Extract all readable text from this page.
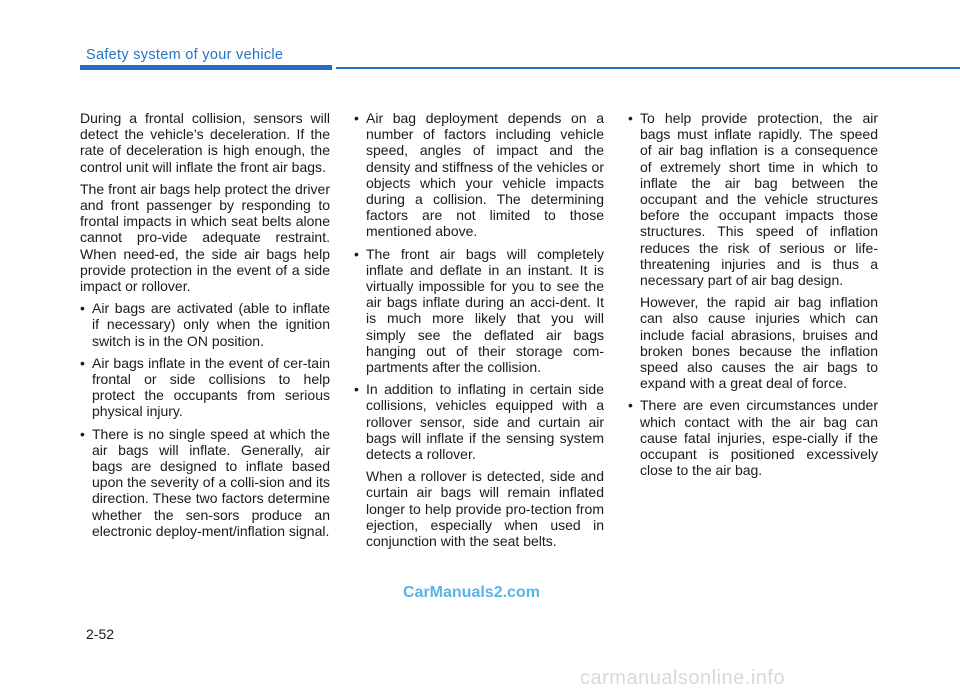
Safety system of your vehicle

During a frontal collision, sensors will detect the vehicle’s deceleration. If the rate of deceleration is high enough, the control unit will inflate the front air bags.

The front air bags help protect the driver and front passenger by responding to frontal impacts in which seat belts alone cannot pro-vide adequate restraint. When need-ed, the side air bags help provide protection in the event of a side impact or rollover.

• Air bags are activated (able to inflate if necessary) only when the ignition switch is in the ON position.
• Air bags inflate in the event of cer-tain frontal or side collisions to help protect the occupants from serious physical injury.
• There is no single speed at which the air bags will inflate. Generally, air bags are designed to inflate based upon the severity of a colli-sion and its direction. These two factors determine whether the sen-sors produce an electronic deploy-ment/inflation signal.
• Air bag deployment depends on a number of factors including vehicle speed, angles of impact and the density and stiffness of the vehicles or objects which your vehicle impacts during a collision. The determining factors are not limited to those mentioned above.
• The front air bags will completely inflate and deflate in an instant. It is virtually impossible for you to see the air bags inflate during an acci-dent. It is much more likely that you will simply see the deflated air bags hanging out of their storage com-partments after the collision.
• In addition to inflating in certain side collisions, vehicles equipped with a rollover sensor, side and curtain air bags will inflate if the sensing system detects a rollover.

When a rollover is detected, side and curtain air bags will remain inflated longer to help provide pro-tection from ejection, especially when used in conjunction with the seat belts.

• To help provide protection, the air bags must inflate rapidly. The speed of air bag inflation is a consequence of extremely short time in which to inflate the air bag between the occupant and the vehicle structures before the occupant impacts those structures. This speed of inflation reduces the risk of serious or life-threatening injuries and is thus a necessary part of air bag design.

However, the rapid air bag inflation can also cause injuries which can include facial abrasions, bruises and broken bones because the inflation speed also causes the air bags to expand with a great deal of force.

• There are even circumstances under which contact with the air bag can cause fatal injuries, espe-cially if the occupant is positioned excessively close to the air bag.
CarManuals2.com
2-52
carmanualsonline.info
